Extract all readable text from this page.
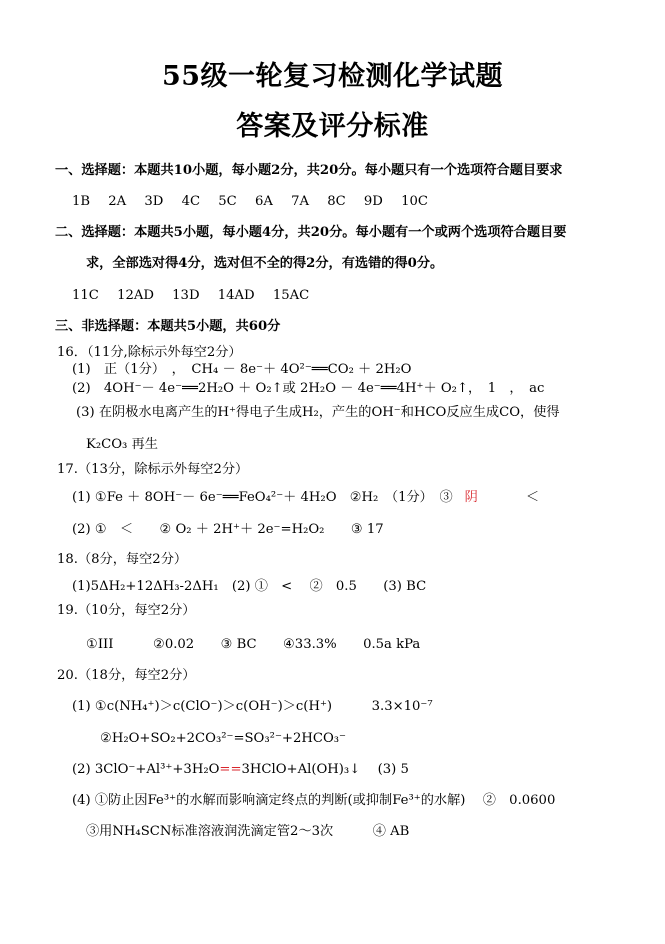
55级一轮复习检测化学试题
答案及评分标准
一、选择题：本题共10小题，每小题2分，共20分。每小题只有一个选项符合题目要求
1B 2A 3D 4C 5C 6A 7A 8C 9D 10C
二、选择题：本题共5小题，每小题4分，共20分。每小题有一个或两个选项符合题目要
求，全部选对得4分，选对但不全的得2分，有选错的得0分。
11C 12AD 13D 14AD 15AC
三、非选择题：本题共5小题，共60分
16．（11分,除标示外每空2分）
(1)　正（1分）　，　CH₄ － 8e⁻＋ 4O²⁻══CO₂ ＋ 2H₂O
(2)　4OH⁻－ 4e⁻══2H₂O ＋ O₂↑或 2H₂O － 4e⁻══4H⁺＋ O₂↑，　1　，　ac
(3) 在阴极水电离产生的H⁺得电子生成H₂，产生的OH⁻和HCO反应生成CO，使得
K₂CO₃ 再生
17.（13分，除标示外每空2分）
(1) ①Fe ＋ 8OH⁻－ 6e⁻══FeO₄²⁻＋ 4H₂O　②H₂　（1分）　③ 阴	＜
(2) ①　＜　　② O₂ ＋ 2H⁺＋ 2e⁻=H₂O₂　　③ 17
18.（8分，每空2分）
(1)5ΔH₂+12ΔH₃-2ΔH₁　(2) ①　<　 ②　0.5　　(3) BC
19.（10分，每空2分）
①III　　　②0.02　　③ BC　　④33.3%　　0.5a kPa
20.（18分，每空2分）
(1) ①c(NH₄⁺)＞c(ClO⁻)＞c(OH⁻)＞c(H⁺)　　　3.3×10⁻⁷
②H₂O+SO₂+2CO₃²⁻=SO₃²⁻+2HCO₃⁻
(2) 3ClO⁻+Al³⁺+3H₂O==3HClO+Al(OH)₃↓　 (3) 5
(4) ①防止因Fe³⁺的水解而影响滴定终点的判断(或抑制Fe³⁺的水解)　 ②　0.0600
③用NH₄SCN标准溶液润洗滴定管2～3次　　　④ AB
